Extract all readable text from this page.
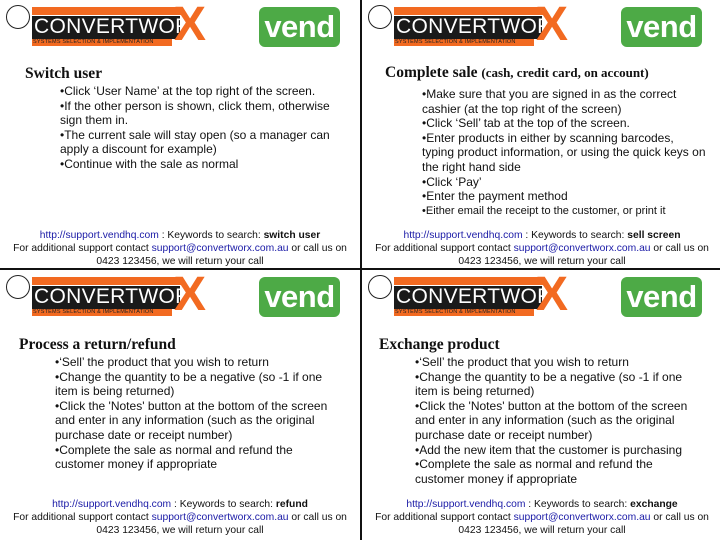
CONVERTWOR
SYSTEMS SELECTION & IMPLEMENTATION X vend
Switch user
•Click ‘User Name’ at the top right of the screen.
•If the other person is shown, click them, otherwise sign them in.
•The current sale will stay open (so a manager can apply a discount for example)
•Continue with the sale as normal
http://support.vendhq.com : Keywords to search: switch user
For additional support contact support@convertworx.com.au or call us on
0423 123456, we will return your call
CONVERTWOR
SYSTEMS SELECTION & IMPLEMENTATION X vend
Complete sale (cash, credit card, on account)
•Make sure that you are signed in as the correct cashier (at the top right of the screen)
•Click ‘Sell’ tab at the top of the screen.
•Enter products in either by scanning barcodes, typing product information, or using the quick keys on the right hand side
•Click ‘Pay’
•Enter the payment method
•Either email the receipt to the customer, or print it
http://support.vendhq.com : Keywords to search: sell screen
For additional support contact support@convertworx.com.au or call us on
0423 123456, we will return your call
CONVERTWOR
SYSTEMS SELECTION & IMPLEMENTATION X vend
Process a return/refund
•‘Sell’ the product that you wish to return
•Change the quantity to be a negative (so -1 if one item is being returned)
•Click the 'Notes' button at the bottom of the screen and enter in any information (such as the original purchase date or receipt number)
•Complete the sale as normal and refund the customer money if appropriate
http://support.vendhq.com : Keywords to search: refund
For additional support contact support@convertworx.com.au or call us on
0423 123456, we will return your call
CONVERTWOR
SYSTEMS SELECTION & IMPLEMENTATION X vend
Exchange product
•‘Sell’ the product that you wish to return
•Change the quantity to be a negative (so -1 if one item is being returned)
•Click the 'Notes' button at the bottom of the screen and enter in any information (such as the original purchase date or receipt number)
•Add the new item that the customer is purchasing
•Complete the sale as normal and refund the customer money if appropriate
http://support.vendhq.com : Keywords to search: exchange
For additional support contact support@convertworx.com.au or call us on
0423 123456, we will return your call
